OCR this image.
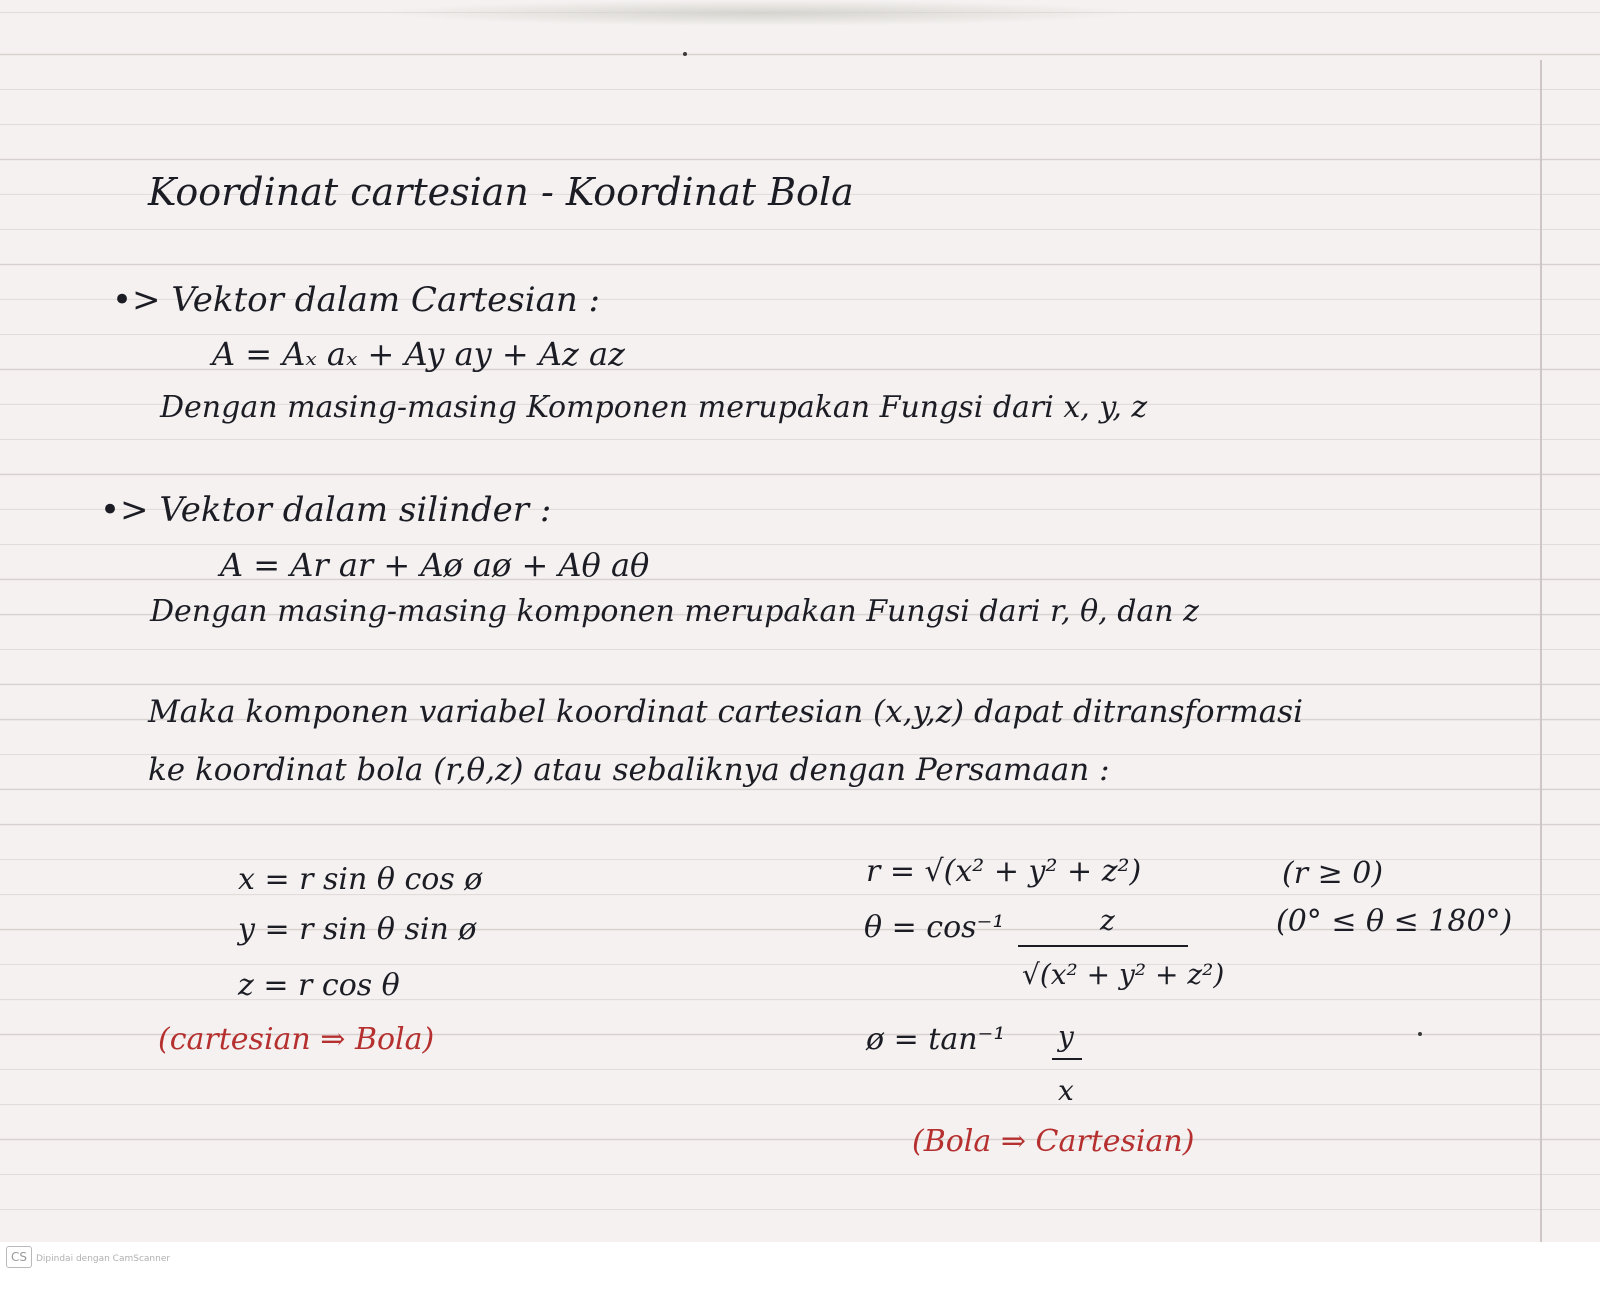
Koordinat cartesian - Koordinat Bola
•> Vektor dalam Cartesian :
A = Aₓ aₓ + Ay ay + Az az
Dengan masing-masing Komponen merupakan Fungsi dari x, y, z
•> Vektor dalam silinder :
A = Ar ar + Aø aø + Aθ aθ
Dengan masing-masing komponen merupakan Fungsi dari r, θ, dan z
Maka komponen variabel koordinat cartesian (x,y,z) dapat ditransformasi
ke koordinat bola (r,θ,z) atau sebaliknya dengan Persamaan :
x = r sin θ cos ø
y = r sin θ sin ø
z = r cos θ
(cartesian ⇒ Bola)
r = √(x² + y² + z²)
θ = cos⁻¹	z
√(x² + y² + z²)
ø = tan⁻¹ y
x
(Bola ⇒ Cartesian)
(r ≥ 0)
(0° ≤ θ ≤ 180°)
CS	Dipindai dengan CamScanner
